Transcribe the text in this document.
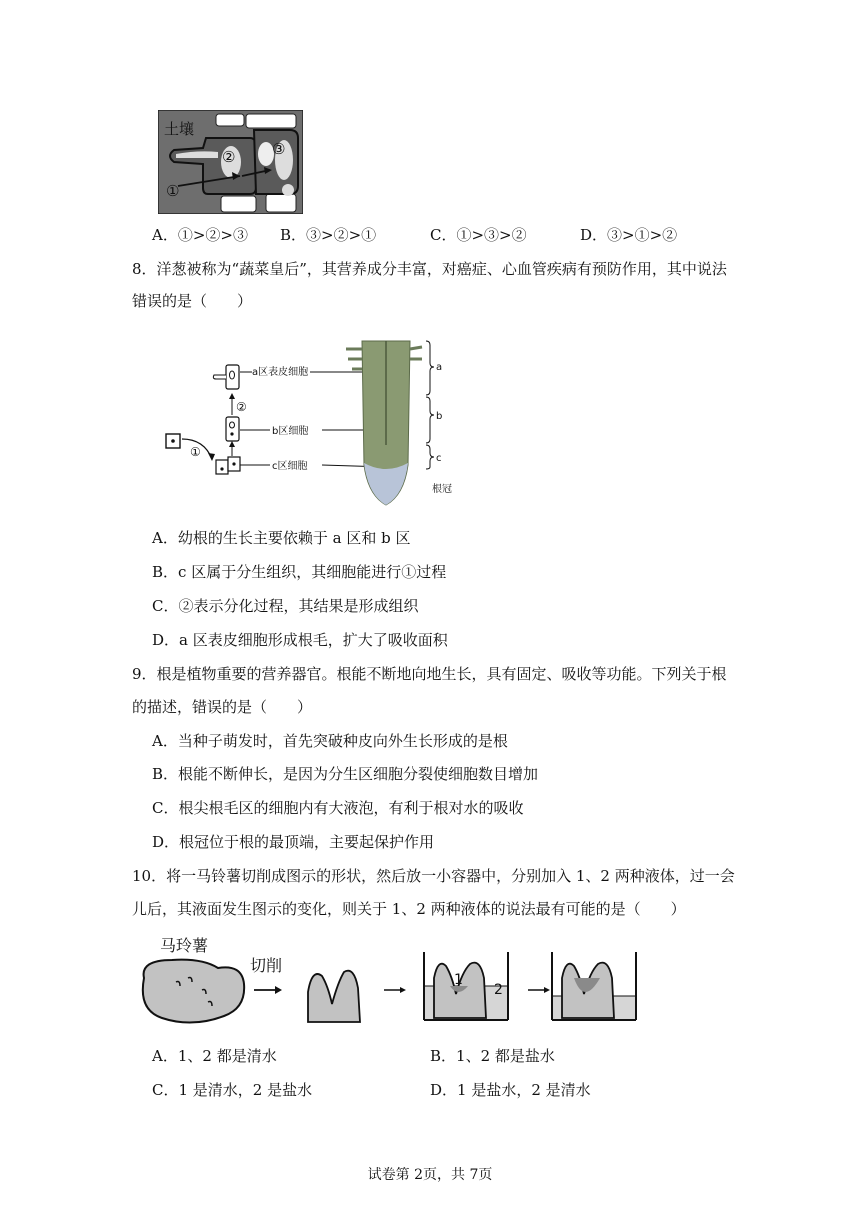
土壤
①
② ③
A．①>②>③ B．③>②>①	C．①>③>②	D．③>①>②
8．洋葱被称为“蔬菜皇后”，其营养成分丰富，对癌症、心血管疾病有预防作用，其中说法
错误的是（　　）
①
c区细胞
b区细胞
②
a区表皮细胞	a
b
c
根冠
A．幼根的生长主要依赖于 a 区和 b 区
B．c 区属于分生组织，其细胞能进行①过程
C．②表示分化过程，其结果是形成组织
D．a 区表皮细胞形成根毛，扩大了吸收面积
9．根是植物重要的营养器官。根能不断地向地生长，具有固定、吸收等功能。下列关于根
的描述，错误的是（　　）
A．当种子萌发时，首先突破种皮向外生长形成的是根
B．根能不断伸长，是因为分生区细胞分裂使细胞数目增加
C．根尖根毛区的细胞内有大液泡，有利于根对水的吸收
D．根冠位于根的最顶端，主要起保护作用
10．将一马铃薯切削成图示的形状，然后放一小容器中，分别加入 1、2 两种液体，过一会
儿后，其液面发生图示的变化，则关于 1、2 两种液体的说法最有可能的是（　　）
马玲薯
切削
1
2
A．1、2 都是清水	B．1、2 都是盐水
C．1 是清水，2 是盐水	D．1 是盐水，2 是清水
试卷第 2页，共 7页
